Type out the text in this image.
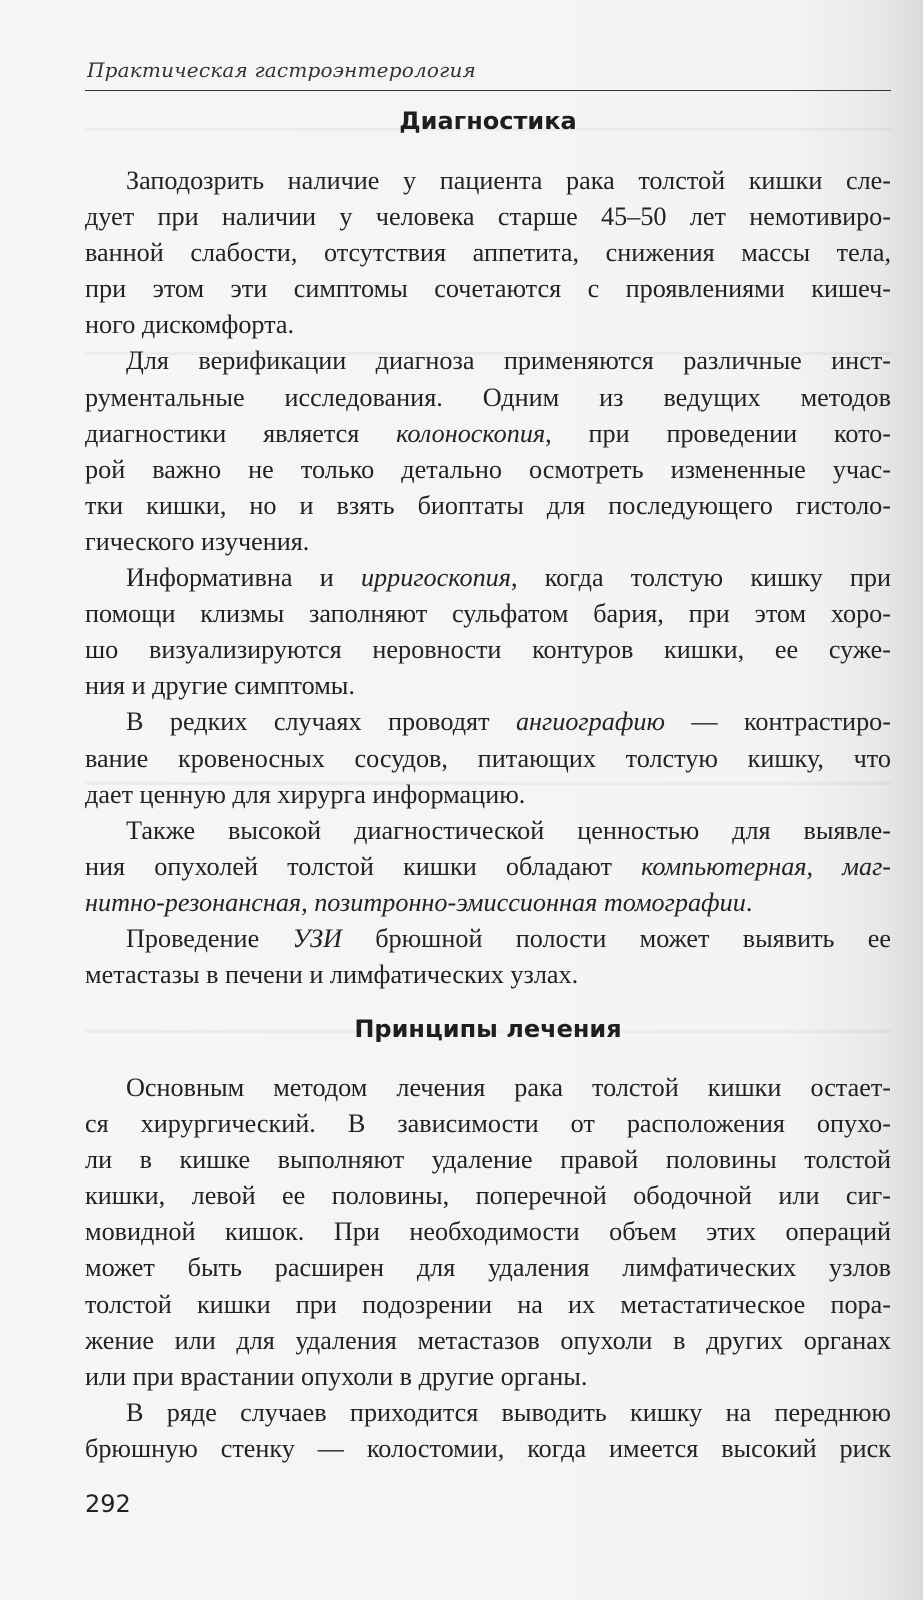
Практическая гастроэнтерология
Диагностика
Заподозрить наличие у пациента рака толстой кишки сле-
дует при наличии у человека старше 45–50 лет немотивиро-
ванной слабости, отсутствия аппетита, снижения массы тела,
при этом эти симптомы сочетаются с проявлениями кишеч-
ного дискомфорта.
Для верификации диагноза применяются различные инст-
рументальные исследования. Одним из ведущих методов
диагностики является колоноскопия, при проведении кото-
рой важно не только детально осмотреть измененные учас-
тки кишки, но и взять биоптаты для последующего гистоло-
гического изучения.
Информативна и ирригоскопия, когда толстую кишку при
помощи клизмы заполняют сульфатом бария, при этом хоро-
шо визуализируются неровности контуров кишки, ее суже-
ния и другие симптомы.
В редких случаях проводят ангиографию — контрастиро-
вание кровеносных сосудов, питающих толстую кишку, что
дает ценную для хирурга информацию.
Также высокой диагностической ценностью для выявле-
ния опухолей толстой кишки обладают компьютерная, маг-
нитно-резонансная, позитронно-эмиссионная томографии.
Проведение УЗИ брюшной полости может выявить ее
метастазы в печени и лимфатических узлах.
Принципы лечения
Основным методом лечения рака толстой кишки остает-
ся хирургический. В зависимости от расположения опухо-
ли в кишке выполняют удаление правой половины толстой
кишки, левой ее половины, поперечной ободочной или сиг-
мовидной кишок. При необходимости объем этих операций
может быть расширен для удаления лимфатических узлов
толстой кишки при подозрении на их метастатическое пора-
жение или для удаления метастазов опухоли в других органах
или при врастании опухоли в другие органы.
В ряде случаев приходится выводить кишку на переднюю
брюшную стенку — колостомии, когда имеется высокий риск
292
